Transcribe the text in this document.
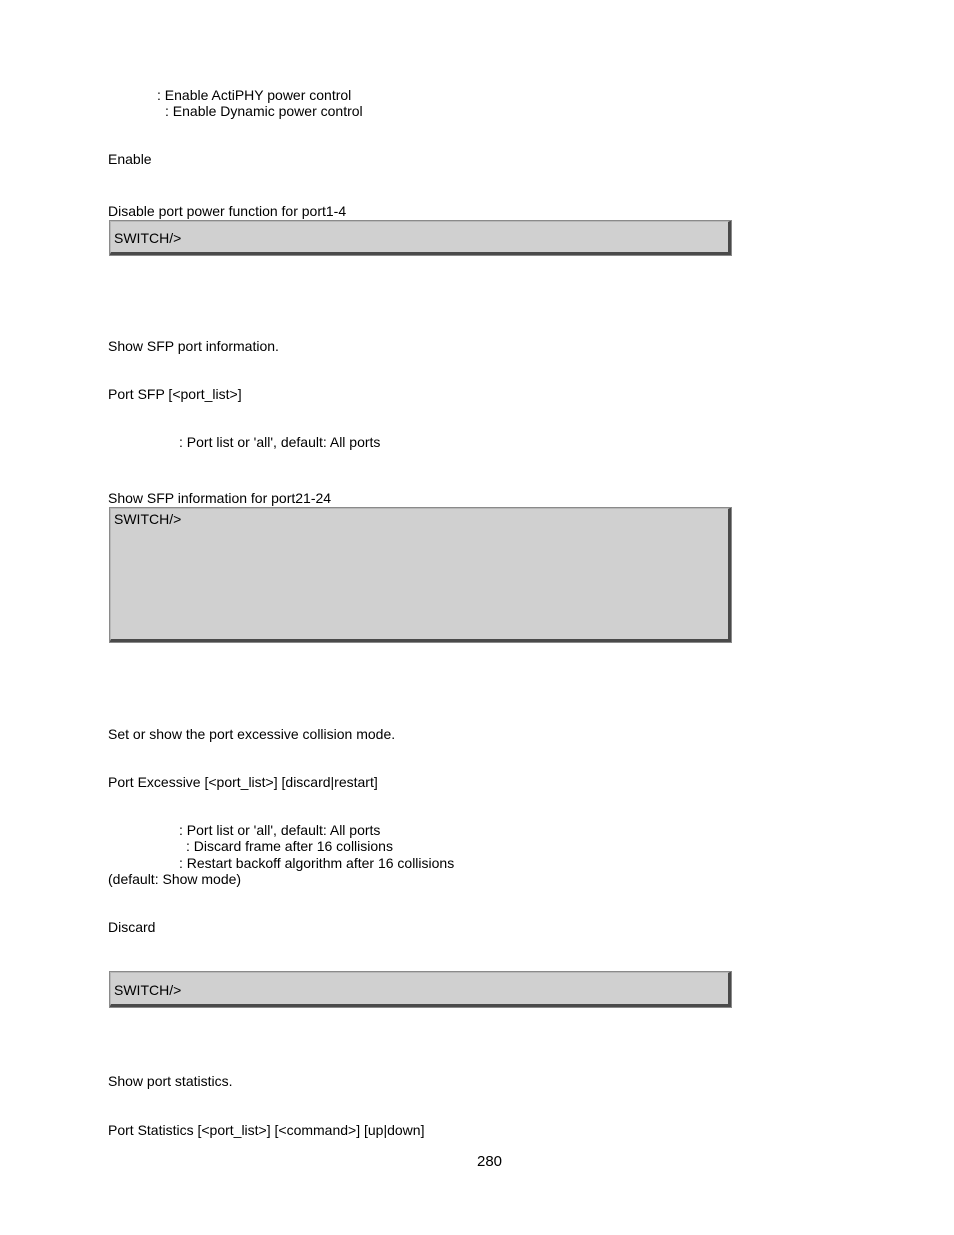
: Enable ActiPHY power control
: Enable Dynamic power control
Enable
Disable port power function for port1-4
SWITCH/>
Show SFP port information.
Port SFP [<port_list>]
: Port list or 'all', default: All ports
Show SFP information for port21-24
SWITCH/>
Set or show the port excessive collision mode.
Port Excessive [<port_list>] [discard|restart]
: Port list or 'all', default: All ports
: Discard frame after 16 collisions
: Restart backoff algorithm after 16 collisions
(default: Show mode)
Discard
SWITCH/>
Show port statistics.
Port Statistics [<port_list>] [<command>] [up|down]
280
